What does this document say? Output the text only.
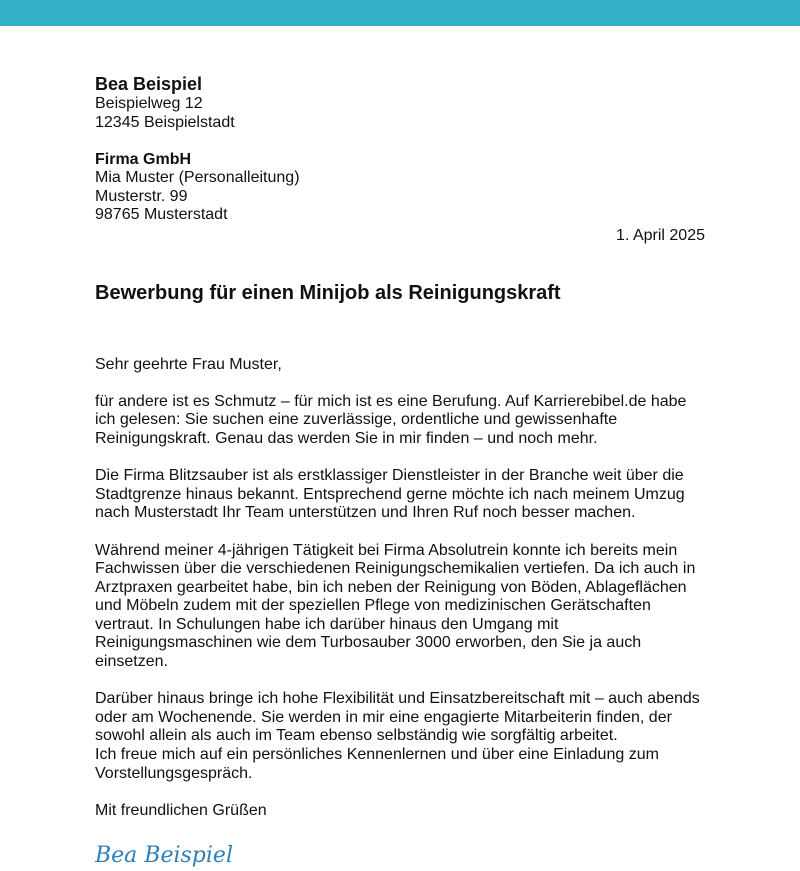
Bea Beispiel
Beispielweg 12
12345 Beispielstadt
Firma GmbH
Mia Muster (Personalleitung)
Musterstr. 99
98765 Musterstadt
1. April 2025
Bewerbung für einen Minijob als Reinigungskraft
Sehr geehrte Frau Muster,
für andere ist es Schmutz – für mich ist es eine Berufung. Auf Karrierebibel.de habe ich gelesen: Sie suchen eine zuverlässige, ordentliche und gewissenhafte Reinigungskraft. Genau das werden Sie in mir finden – und noch mehr.
Die Firma Blitzsauber ist als erstklassiger Dienstleister in der Branche weit über die Stadtgrenze hinaus bekannt. Entsprechend gerne möchte ich nach meinem Umzug nach Musterstadt Ihr Team unterstützen und Ihren Ruf noch besser machen.
Während meiner 4-jährigen Tätigkeit bei Firma Absolutrein konnte ich bereits mein Fachwissen über die verschiedenen Reinigungschemikalien vertiefen. Da ich auch in Arztpraxen gearbeitet habe, bin ich neben der Reinigung von Böden, Ablageflächen und Möbeln zudem mit der speziellen Pflege von medizinischen Gerätschaften vertraut. In Schulungen habe ich darüber hinaus den Umgang mit Reinigungsmaschinen wie dem Turbosauber 3000 erworben, den Sie ja auch einsetzen.
Darüber hinaus bringe ich hohe Flexibilität und Einsatzbereitschaft mit – auch abends oder am Wochenende. Sie werden in mir eine engagierte Mitarbeiterin finden, der sowohl allein als auch im Team ebenso selbständig wie sorgfältig arbeitet.
Ich freue mich auf ein persönliches Kennenlernen und über eine Einladung zum Vorstellungsgespräch.
Mit freundlichen Grüßen
Bea Beispiel
